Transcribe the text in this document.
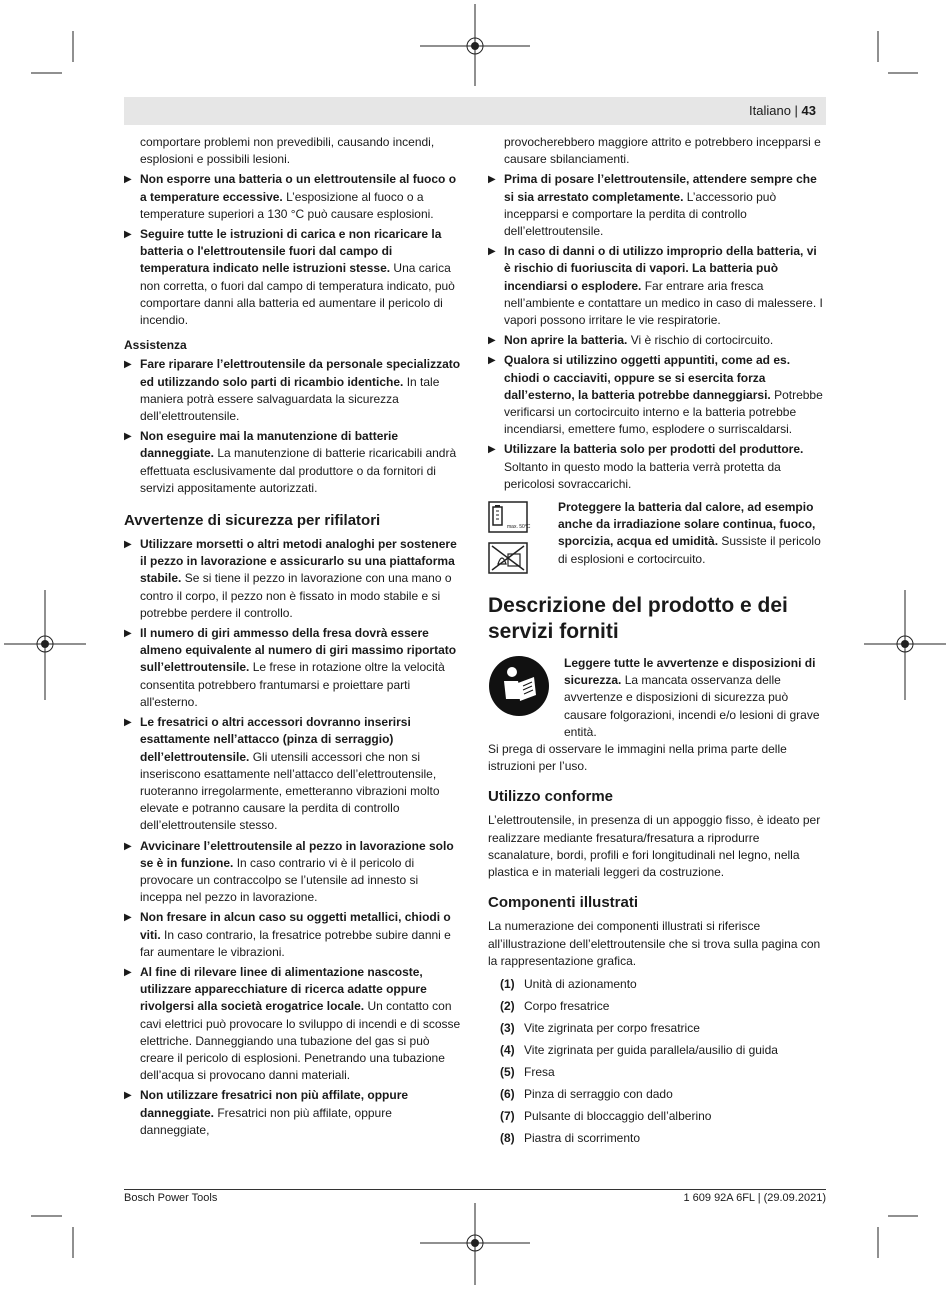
Italiano | 43

comportare problemi non prevedibili, causando incendi, esplosioni e possibili lesioni.

▶ Non esporre una batteria o un elettroutensile al fuoco o a temperature eccessive. L’esposizione al fuoco o a temperature superiori a 130 °C può causare esplosioni.
▶ Seguire tutte le istruzioni di carica e non ricaricare la batteria o l'elettroutensile fuori dal campo di temperatura indicato nelle istruzioni stesse. Una carica non corretta, o fuori dal campo di temperatura indicato, può comportare danni alla batteria ed aumentare il pericolo di incendio.
Assistenza
▶ Fare riparare l’elettroutensile da personale specializzato ed utilizzando solo parti di ricambio identiche. In tale maniera potrà essere salvaguardata la sicurezza dell’elettroutensile.
▶ Non eseguire mai la manutenzione di batterie danneggiate. La manutenzione di batterie ricaricabili andrà effettuata esclusivamente dal produttore o da fornitori di servizi appositamente autorizzati.
Avvertenze di sicurezza per rifilatori
▶ Utilizzare morsetti o altri metodi analoghi per sostenere il pezzo in lavorazione e assicurarlo su una piattaforma stabile. Se si tiene il pezzo in lavorazione con una mano o contro il corpo, il pezzo non è fissato in modo stabile e si potrebbe perdere il controllo.
▶ Il numero di giri ammesso della fresa dovrà essere almeno equivalente al numero di giri massimo riportato sull’elettroutensile. Le frese in rotazione oltre la velocità consentita potrebbero frantumarsi e proiettare parti all'esterno.
▶ Le fresatrici o altri accessori dovranno inserirsi esattamente nell’attacco (pinza di serraggio) dell’elettroutensile. Gli utensili accessori che non si inseriscono esattamente nell’attacco dell’elettroutensile, ruoteranno irregolarmente, emetteranno vibrazioni molto elevate e potranno causare la perdita di controllo dell’elettroutensile stesso.
▶ Avvicinare l’elettroutensile al pezzo in lavorazione solo se è in funzione. In caso contrario vi è il pericolo di provocare un contraccolpo se l’utensile ad innesto si inceppa nel pezzo in lavorazione.
▶ Non fresare in alcun caso su oggetti metallici, chiodi o viti. In caso contrario, la fresatrice potrebbe subire danni e far aumentare le vibrazioni.
▶ Al fine di rilevare linee di alimentazione nascoste, utilizzare apparecchiature di ricerca adatte oppure rivolgersi alla società erogatrice locale. Un contatto con cavi elettrici può provocare lo sviluppo di incendi e di scosse elettriche. Danneggiando una tubazione del gas si può creare il pericolo di esplosioni. Penetrando una tubazione dell’acqua si provocano danni materiali.
▶ Non utilizzare fresatrici non più affilate, oppure danneggiate. Fresatrici non più affilate, oppure danneggiate,

provocherebbero maggiore attrito e potrebbero incepparsi e causare sbilanciamenti.

▶ Prima di posare l’elettroutensile, attendere sempre che si sia arrestato completamente. L’accessorio può incepparsi e comportare la perdita di controllo dell’elettroutensile.
▶ In caso di danni o di utilizzo improprio della batteria, vi è rischio di fuoriuscita di vapori. La batteria può incendiarsi o esplodere. Far entrare aria fresca nell’ambiente e contattare un medico in caso di malessere. I vapori possono irritare le vie respiratorie.
▶ Non aprire la batteria. Vi è rischio di cortocircuito.
▶ Qualora si utilizzino oggetti appuntiti, come ad es. chiodi o cacciaviti, oppure se si esercita forza dall’esterno, la batteria potrebbe danneggiarsi. Potrebbe verificarsi un cortocircuito interno e la batteria potrebbe incendiarsi, emettere fumo, esplodere o surriscaldarsi.
▶ Utilizzare la batteria solo per prodotti del produttore. Soltanto in questo modo la batteria verrà protetta da pericolosi sovraccarichi.
max. 50°C

Proteggere la batteria dal calore, ad esempio anche da irradiazione solare continua, fuoco, sporcizia, acqua ed umidità. Sussiste il pericolo di esplosioni e cortocircuito.
Descrizione del prodotto e dei servizi forniti
Leggere tutte le avvertenze e disposizioni di sicurezza. La mancata osservanza delle avvertenze e disposizioni di sicurezza può causare folgorazioni, incendi e/o lesioni di grave entità.

Si prega di osservare le immagini nella prima parte delle istruzioni per l’uso.

Utilizzo conforme

L’elettroutensile, in presenza di un appoggio fisso, è ideato per realizzare mediante fresatura/fresatura a riprodurre scanalature, bordi, profili e fori longitudinali nel legno, nella plastica e in materiali leggeri da costruzione.

Componenti illustrati

La numerazione dei componenti illustrati si riferisce all’illustrazione dell’elettroutensile che si trova sulla pagina con la rappresentazione grafica.

(1) Unità di azionamento
(2) Corpo fresatrice
(3) Vite zigrinata per corpo fresatrice
(4) Vite zigrinata per guida parallela/ausilio di guida
(5) Fresa
(6) Pinza di serraggio con dado
(7) Pulsante di bloccaggio dell’alberino
(8) Piastra di scorrimento
Bosch Power Tools	1 609 92A 6FL | (29.09.2021)
